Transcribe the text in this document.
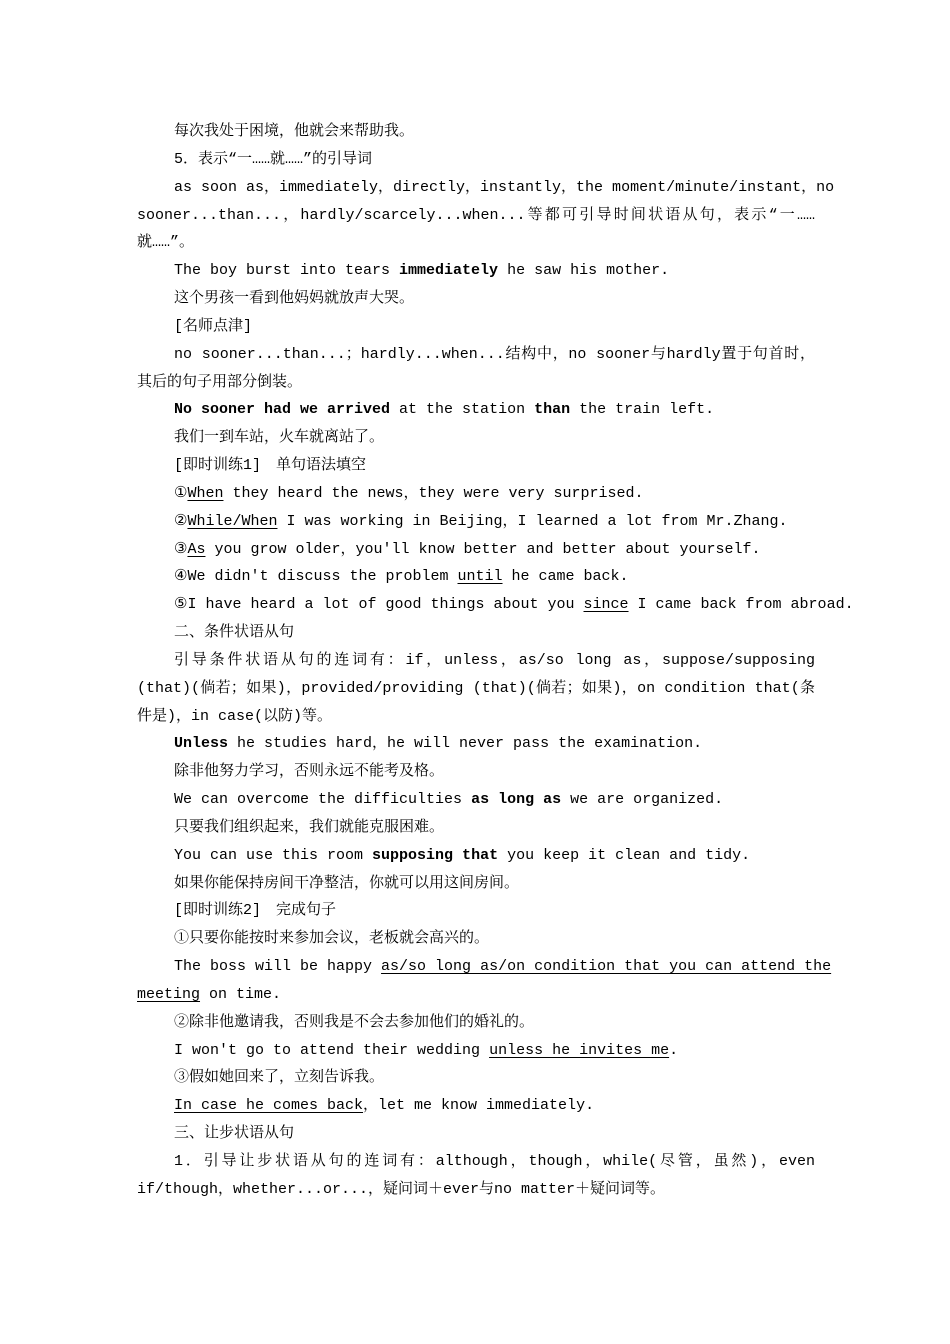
每次我处于困境，他就会来帮助我。
5．表示“一……就……”的引导词
as soon as，immediately，directly，instantly，the moment/minute/instant，no
sooner...than...，hardly/scarcely...when...等都可引导时间状语从句，表示“一……
就……”。
The boy burst into tears immediately he saw his mother.
这个男孩一看到他妈妈就放声大哭。
[名师点津]
no sooner...than...；hardly...when...结构中，no sooner与hardly置于句首时，
其后的句子用部分倒装。
No sooner had we arrived at the station than the train left.
我们一到车站，火车就离站了。
[即时训练1]　单句语法填空
①When they heard the news，they were very surprised.
②While/When I was working in Beijing，I learned a lot from Mr.Zhang.
③As you grow older，you'll know better and better about yourself.
④We didn't discuss the problem until he came back.
⑤I have heard a lot of good things about you since I came back from abroad.
二、条件状语从句
引导条件状语从句的连词有：if，unless，as/so long as，suppose/supposing
(that)(倘若；如果)，provided/providing (that)(倘若；如果)，on condition that(条
件是)，in case(以防)等。
Unless he studies hard，he will never pass the examination.
除非他努力学习，否则永远不能考及格。
We can overcome the difficulties as long as we are organized.
只要我们组织起来，我们就能克服困难。
You can use this room supposing that you keep it clean and tidy.
如果你能保持房间干净整洁，你就可以用这间房间。
[即时训练2]　完成句子
①只要你能按时来参加会议，老板就会高兴的。
The boss will be happy as/so long as/on condition that you can attend the
meeting on time.
②除非他邀请我，否则我是不会去参加他们的婚礼的。
I won't go to attend their wedding unless he invites me.
③假如她回来了，立刻告诉我。
In case he comes back，let me know immediately.
三、让步状语从句
1．引导让步状语从句的连词有：although，though，while(尽管，虽然)，even
if/though，whether...or...，疑问词＋ever与no matter＋疑问词等。
